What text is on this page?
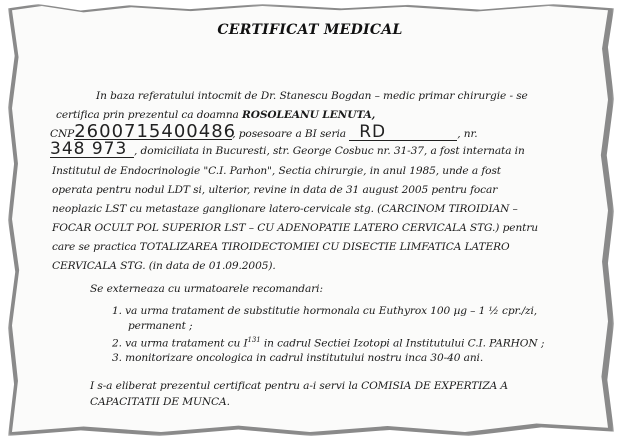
CERTIFICAT MEDICAL
In baza referatului intocmit de Dr. Stanescu Bogdan – medic primar chirurgie - se
certifica prin prezentul ca doamna ROSOLEANU LENUTA,
CNP2600715400486, posesoare a BI seria RD	, nr.
348 973 , domiciliata in Bucuresti, str. George Cosbuc nr. 31-37, a fost internata in
Institutul de Endocrinologie "C.I. Parhon", Sectia chirurgie, in anul 1985, unde a fost
operata pentru nodul LDT si, ulterior, revine in data de 31 august 2005 pentru focar
neoplazic LST cu metastaze ganglionare latero-cervicale stg. (CARCINOM TIROIDIAN –
FOCAR OCULT POL SUPERIOR LST – CU ADENOPATIE LATERO CERVICALA STG.) pentru
care se practica TOTALIZAREA TIROIDECTOMIEI CU DISECTIE LIMFATICA LATERO
CERVICALA STG. (in data de 01.09.2005).
Se externeaza cu urmatoarele recomandari:
1. va urma tratament de substitutie hormonala cu Euthyrox 100 µg – 1 ½ cpr./zi,
permanent ;
2. va urma tratament cu $I^{131}$ in cadrul Sectiei Izotopi al Institutului C.I. PARHON ;
3. monitorizare oncologica in cadrul institutului nostru inca 30-40 ani.
I s-a eliberat prezentul certificat pentru a-i servi la COMISIA DE EXPERTIZA A
CAPACITATII DE MUNCA.
